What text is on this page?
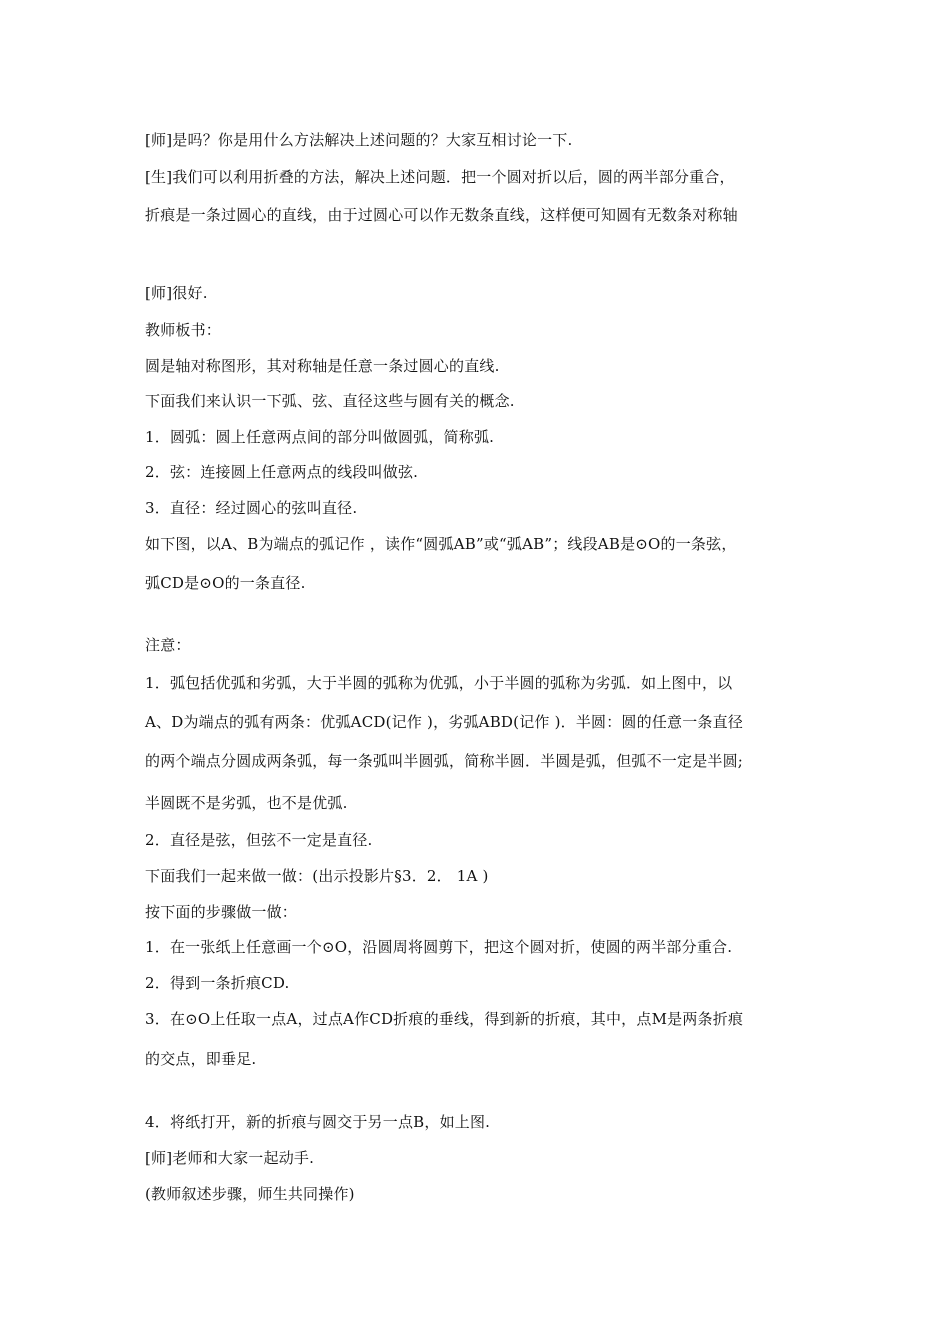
[师]是吗？你是用什么方法解决上述问题的？大家互相讨论一下.
[生]我们可以利用折叠的方法，解决上述问题．把一个圆对折以后，圆的两半部分重合，
折痕是一条过圆心的直线，由于过圆心可以作无数条直线，这样便可知圆有无数条对称轴
[师]很好.
教师板书：
圆是轴对称图形，其对称轴是任意一条过圆心的直线.
下面我们来认识一下弧、弦、直径这些与圆有关的概念.
1．圆弧：圆上任意两点间的部分叫做圆弧，简称弧.
2．弦：连接圆上任意两点的线段叫做弦.
3．直径：经过圆心的弦叫直径.
如下图，以A、B为端点的弧记作 ，读作“圆弧AB”或“弧AB”；线段AB是⊙O的一条弦，
弧CD是⊙O的一条直径.
注意：
1．弧包括优弧和劣弧，大于半圆的弧称为优弧，小于半圆的弧称为劣弧．如上图中，以
A、D为端点的弧有两条：优弧ACD(记作 )，劣弧ABD(记作 )．半圆：圆的任意一条直径
的两个端点分圆成两条弧，每一条弧叫半圆弧，简称半圆．半圆是弧，但弧不一定是半圆;
半圆既不是劣弧，也不是优弧.
2．直径是弦，但弦不一定是直径.
下面我们一起来做一做：(出示投影片§3．2． 1A )
按下面的步骤做一做：
1．在一张纸上任意画一个⊙O，沿圆周将圆剪下，把这个圆对折，使圆的两半部分重合.
2．得到一条折痕CD.
3．在⊙O上任取一点A，过点A作CD折痕的垂线，得到新的折痕，其中，点M是两条折痕
的交点，即垂足.
4．将纸打开，新的折痕与圆交于另一点B，如上图.
[师]老师和大家一起动手.
(教师叙述步骤，师生共同操作)
